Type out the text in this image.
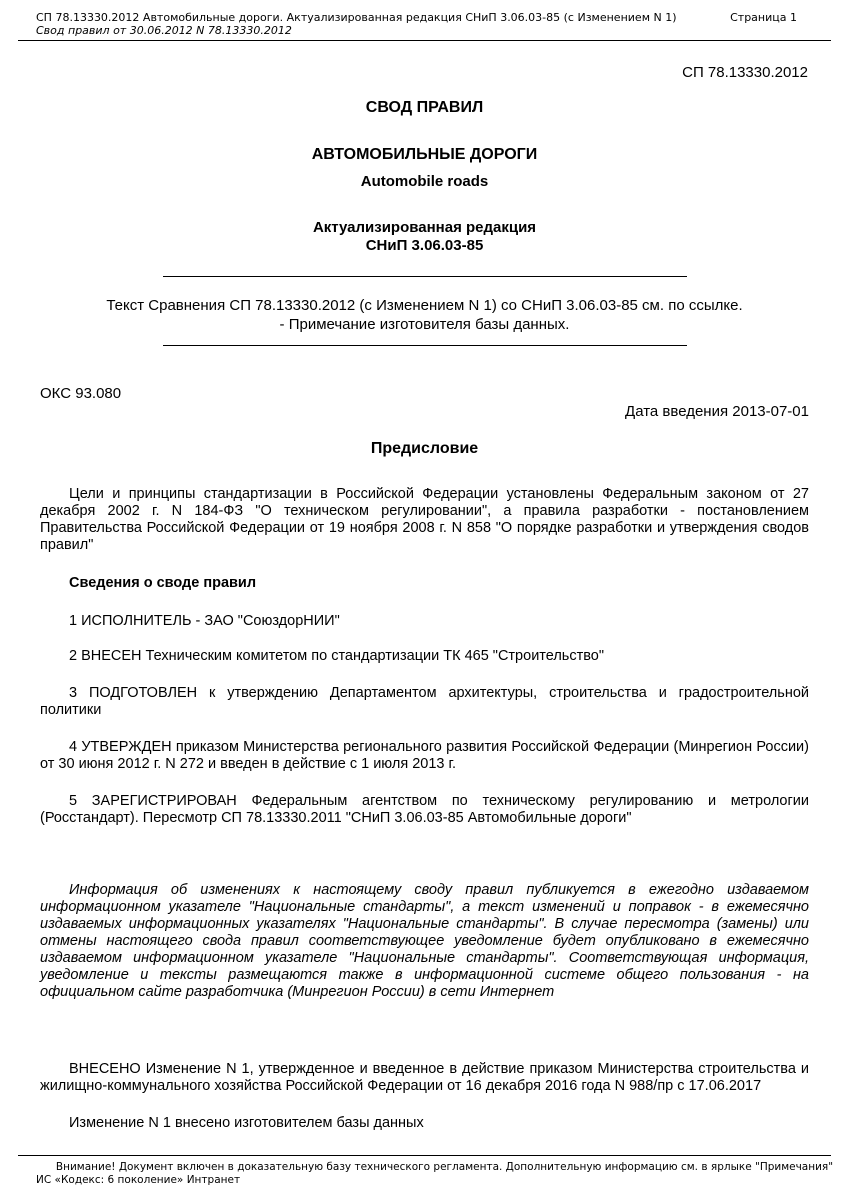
СП 78.13330.2012 Автомобильные дороги. Актуализированная редакция СНиП 3.06.03-85 (с Изменением N 1)
Свод правил от 30.06.2012 N 78.13330.2012
Страница 1
СП 78.13330.2012
СВОД ПРАВИЛ
АВТОМОБИЛЬНЫЕ ДОРОГИ
Automobile roads
Актуализированная редакция
СНиП 3.06.03-85
Текст Сравнения СП 78.13330.2012 (с Изменением N 1) со СНиП 3.06.03-85 см. по ссылке.
- Примечание изготовителя базы данных.
ОКС 93.080
Дата введения 2013-07-01
Предисловие
Цели и принципы стандартизации в Российской Федерации установлены Федеральным законом от 27 декабря 2002 г. N 184-ФЗ "О техническом регулировании", а правила разработки - постановлением Правительства Российской Федерации от 19 ноября 2008 г. N 858 "О порядке разработки и утверждения сводов правил"
Сведения о своде правил
1 ИСПОЛНИТЕЛЬ - ЗАО "СоюздорНИИ"
2 ВНЕСЕН Техническим комитетом по стандартизации ТК 465 "Строительство"
3 ПОДГОТОВЛЕН к утверждению Департаментом архитектуры, строительства и градостроительной политики
4 УТВЕРЖДЕН приказом Министерства регионального развития Российской Федерации (Минрегион России) от 30 июня 2012 г. N 272 и введен в действие с 1 июля 2013 г.
5 ЗАРЕГИСТРИРОВАН Федеральным агентством по техническому регулированию и метрологии (Росстандарт). Пересмотр СП 78.13330.2011 "СНиП 3.06.03-85 Автомобильные дороги"
Информация об изменениях к настоящему своду правил публикуется в ежегодно издаваемом информационном указателе "Национальные стандарты", а текст изменений и поправок - в ежемесячно издаваемых информационных указателях "Национальные стандарты". В случае пересмотра (замены) или отмены настоящего свода правил соответствующее уведомление будет опубликовано в ежемесячно издаваемом информационном указателе "Национальные стандарты". Соответствующая информация, уведомление и тексты размещаются также в информационной системе общего пользования - на официальном сайте разработчика (Минрегион России) в сети Интернет
ВНЕСЕНО Изменение N 1, утвержденное и введенное в действие приказом Министерства строительства и жилищно-коммунального хозяйства Российской Федерации от 16 декабря 2016 года N 988/пр с 17.06.2017
Изменение N 1 внесено изготовителем базы данных
Внимание! Документ включен в доказательную базу технического регламента. Дополнительную информацию см. в ярлыке "Примечания"
ИС «Кодекс: 6 поколение» Интранет
